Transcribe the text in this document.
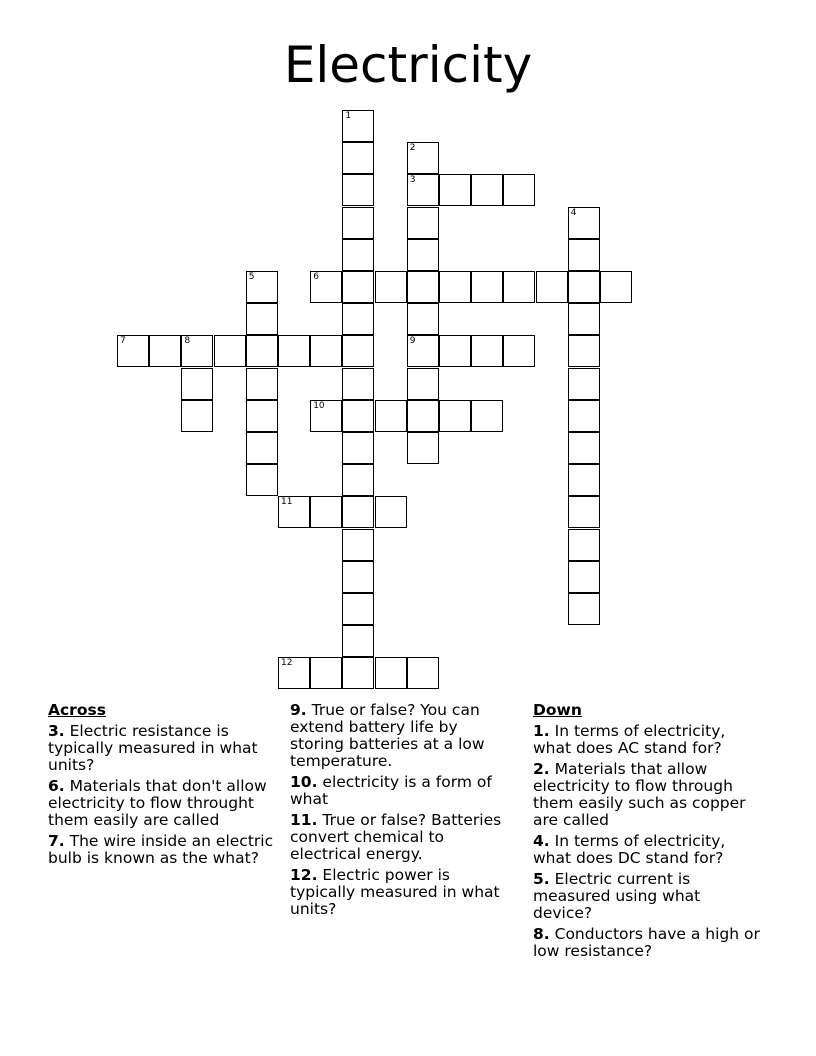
Electricity
1
2
3
9
4
5	6
7	8
10
11
12
Across
3. Electric resistance is typically measured in what units?
6. Materials that don't allow electricity to flow throught them easily are called
7. The wire inside an electric bulb is known as the what?
9. True or false? You can extend battery life by storing batteries at a low temperature.
10. electricity is a form of what
11. True or false? Batteries convert chemical to electrical energy.
12. Electric power is typically measured in what units?
Down
1. In terms of electricity, what does AC stand for?
2. Materials that allow electricity to flow through them easily such as copper are called
4. In terms of electricity, what does DC stand for?
5. Electric current is measured using what device?
8. Conductors have a high or low resistance?
